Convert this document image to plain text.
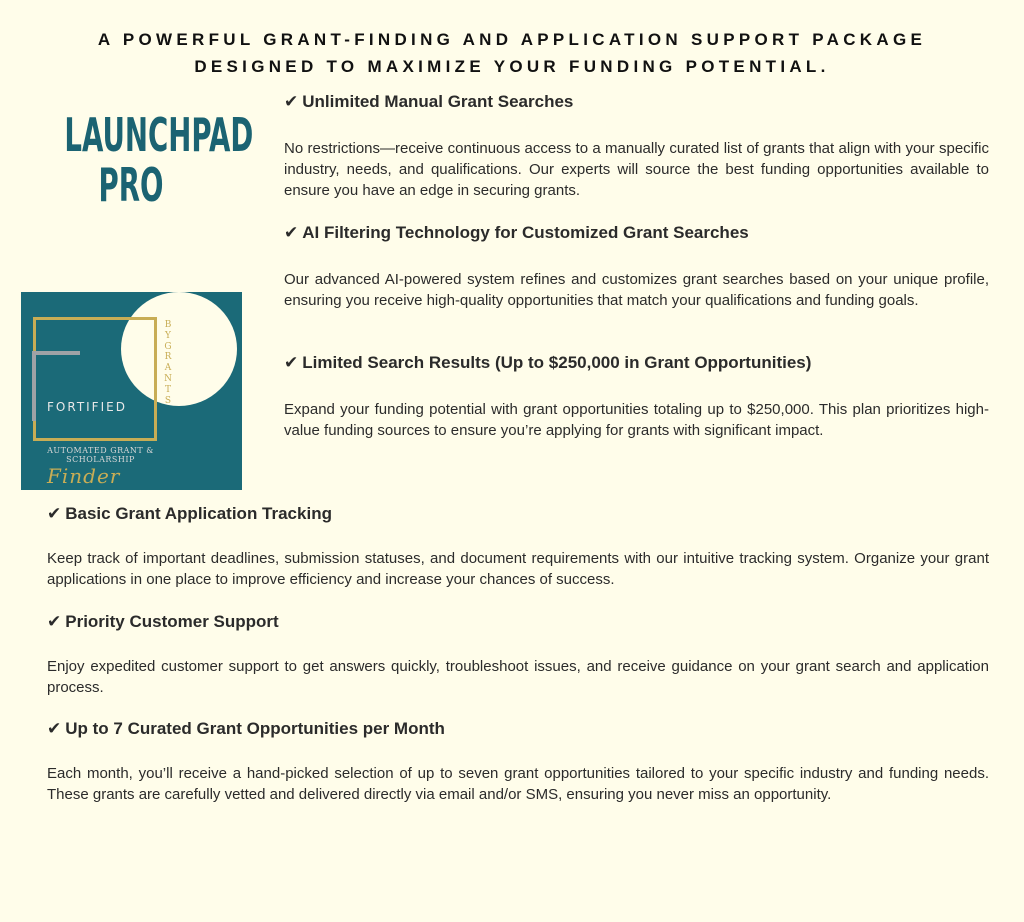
A POWERFUL GRANT-FINDING AND APPLICATION SUPPORT PACKAGE
DESIGNED TO MAXIMIZE YOUR FUNDING POTENTIAL.
LAUNCHPAD
PRO
FORTIFIED
BY GRANTS
AUTOMATED GRANT &
SCHOLARSHIP
Finder
✔ Unlimited Manual Grant Searches

No restrictions—receive continuous access to a manually curated list of grants that align with your specific industry, needs, and qualifications. Our experts will source the best funding opportunities available to ensure you have an edge in securing grants.

✔ AI Filtering Technology for Customized Grant Searches

Our advanced AI-powered system refines and customizes grant searches based on your unique profile, ensuring you receive high-quality opportunities that match your qualifications and funding goals.

✔ Limited Search Results (Up to $250,000 in Grant Opportunities)

Expand your funding potential with grant opportunities totaling up to $250,000. This plan prioritizes high-value funding sources to ensure you’re applying for grants with significant impact.

✔ Basic Grant Application Tracking

Keep track of important deadlines, submission statuses, and document requirements with our intuitive tracking system. Organize your grant applications in one place to improve efficiency and increase your chances of success.

✔ Priority Customer Support

Enjoy expedited customer support to get answers quickly, troubleshoot issues, and receive guidance on your grant search and application process.

✔ Up to 7 Curated Grant Opportunities per Month

Each month, you’ll receive a hand-picked selection of up to seven grant opportunities tailored to your specific industry and funding needs. These grants are carefully vetted and delivered directly via email and/or SMS, ensuring you never miss an opportunity.
